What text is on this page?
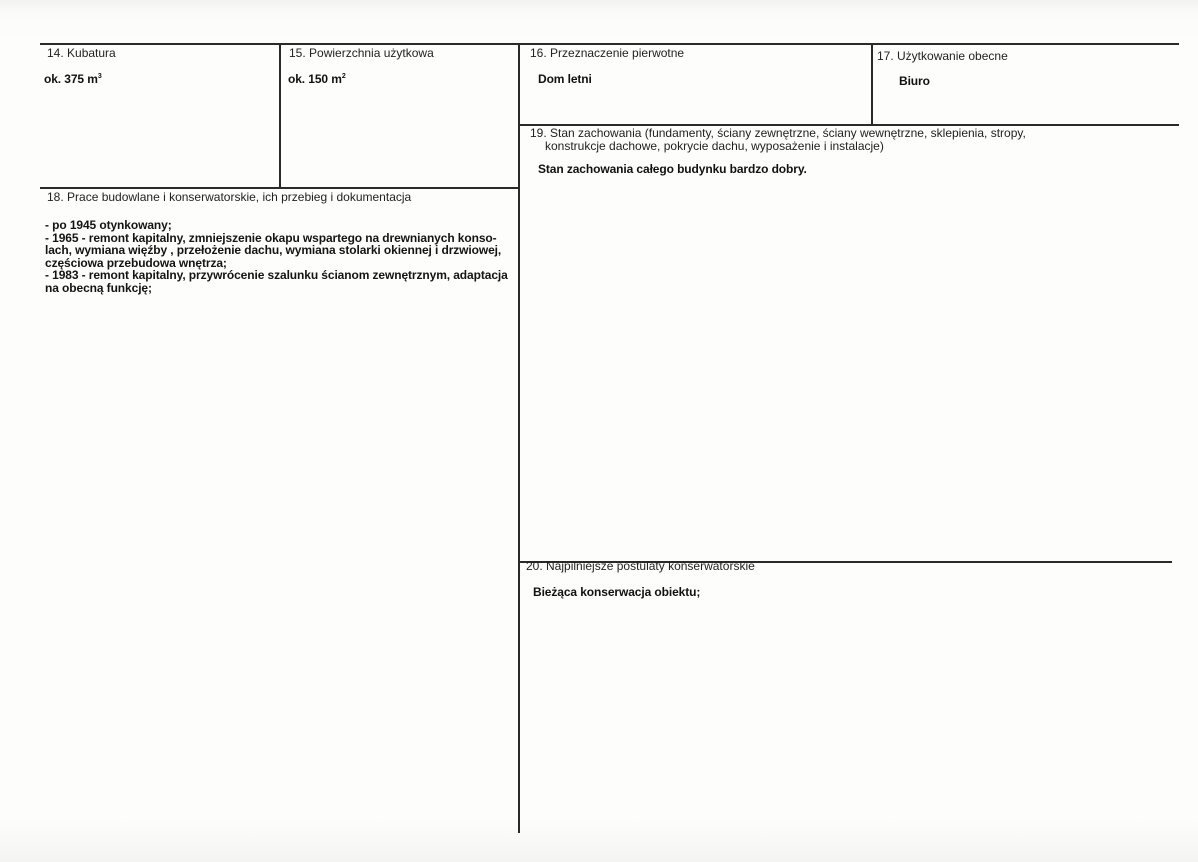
14. Kubatura
ok. 375 $m^3$
15. Powierzchnia użytkowa
ok. 150 $m^2$
16. Przeznaczenie pierwotne
Dom letni
17. Użytkowanie obecne
Biuro
19. Stan zachowania (fundamenty, ściany zewnętrzne, ściany wewnętrzne, sklepienia, stropy,
konstrukcje dachowe, pokrycie dachu, wyposażenie i instalacje)
Stan zachowania całego budynku bardzo dobry.
18. Prace budowlane i konserwatorskie, ich przebieg i dokumentacja
- po 1945 otynkowany;
- 1965 - remont kapitalny, zmniejszenie okapu wspartego na drewnianych konso-
lach, wymiana więźby , przełożenie dachu, wymiana stolarki okiennej i drzwiowej,
częściowa przebudowa wnętrza;
- 1983 - remont kapitalny, przywrócenie szalunku ścianom zewnętrznym, adaptacja
na obecną funkcję;
20. Najpilniejsze postulaty konserwatorskie
Bieżąca konserwacja obiektu;
